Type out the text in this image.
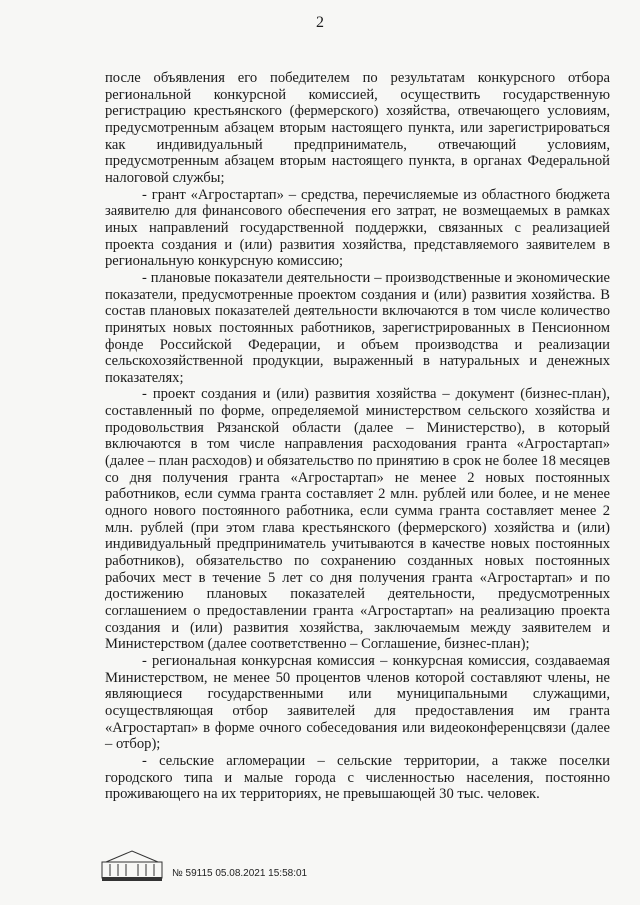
2

после объявления его победителем по результатам конкурсного отбора региональной конкурсной комиссией, осуществить государственную регистрацию крестьянского (фермерского) хозяйства, отвечающего условиям, предусмотренным абзацем вторым настоящего пункта, или зарегистрироваться как индивидуальный предприниматель, отвечающий условиям, предусмотренным абзацем вторым настоящего пункта, в органах Федеральной налоговой службы;

- грант «Агростартап» – средства, перечисляемые из областного бюджета заявителю для финансового обеспечения его затрат, не возмещаемых в рамках иных направлений государственной поддержки, связанных с реализацией проекта создания и (или) развития хозяйства, представляемого заявителем в региональную конкурсную комиссию;

- плановые показатели деятельности – производственные и экономические показатели, предусмотренные проектом создания и (или) развития хозяйства. В состав плановых показателей деятельности включаются в том числе количество принятых новых постоянных работников, зарегистрированных в Пенсионном фонде Российской Федерации, и объем производства и реализации сельскохозяйственной продукции, выраженный в натуральных и денежных показателях;

- проект создания и (или) развития хозяйства – документ (бизнес-план), составленный по форме, определяемой министерством сельского хозяйства и продовольствия Рязанской области (далее – Министерство), в который включаются в том числе направления расходования гранта «Агростартап» (далее – план расходов) и обязательство по принятию в срок не более 18 месяцев со дня получения гранта «Агростартап» не менее 2 новых постоянных работников, если сумма гранта составляет 2 млн. рублей или более, и не менее одного нового постоянного работника, если сумма гранта составляет менее 2 млн. рублей (при этом глава крестьянского (фермерского) хозяйства и (или) индивидуальный предприниматель учитываются в качестве новых постоянных работников), обязательство по сохранению созданных новых постоянных рабочих мест в течение 5 лет со дня получения гранта «Агростартап» и по достижению плановых показателей деятельности, предусмотренных соглашением о предоставлении гранта «Агростартап» на реализацию проекта создания и (или) развития хозяйства, заключаемым между заявителем и Министерством (далее соответственно – Соглашение, бизнес-план);

- региональная конкурсная комиссия – конкурсная комиссия, создаваемая Министерством, не менее 50 процентов членов которой составляют члены, не являющиеся государственными или муниципальными служащими, осуществляющая отбор заявителей для предоставления им гранта «Агростартап» в форме очного собеседования или видеоконференцсвязи (далее – отбор);

- сельские агломерации – сельские территории, а также поселки городского типа и малые города с численностью населения, постоянно проживающего на их территориях, не превышающей 30 тыс. человек.

№ 59115 05.08.2021 15:58:01
